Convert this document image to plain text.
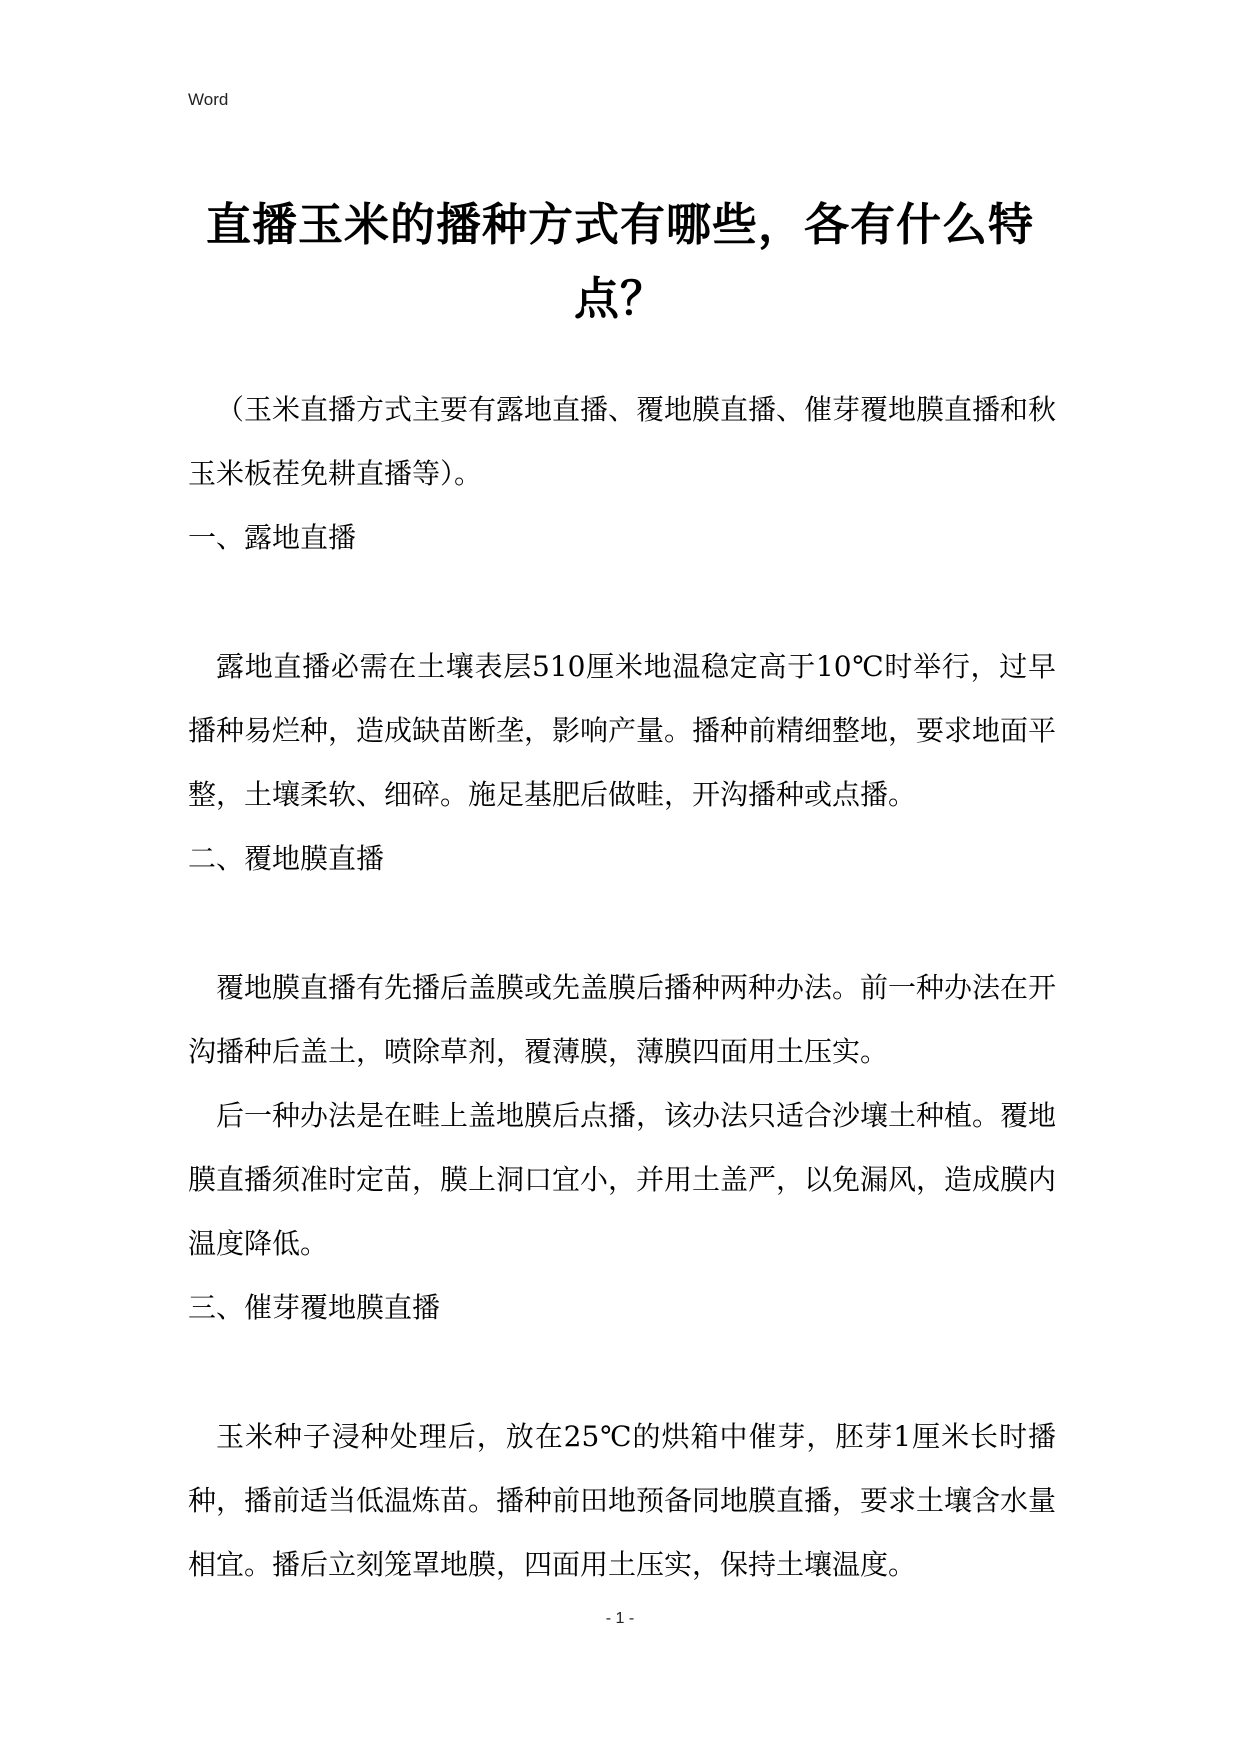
Word
直播玉米的播种方式有哪些，各有什么特
点？

（玉米直播方式主要有露地直播、覆地膜直播、催芽覆地膜直播和秋玉米板茬免耕直播等）。

一、露地直播

露地直播必需在土壤表层510厘米地温稳定高于10℃时举行，过早播种易烂种，造成缺苗断垄，影响产量。播种前精细整地，要求地面平整，土壤柔软、细碎。施足基肥后做畦，开沟播种或点播。

二、覆地膜直播

覆地膜直播有先播后盖膜或先盖膜后播种两种办法。前一种办法在开沟播种后盖土，喷除草剂，覆薄膜，薄膜四面用土压实。

后一种办法是在畦上盖地膜后点播，该办法只适合沙壤土种植。覆地膜直播须准时定苗，膜上洞口宜小，并用土盖严，以免漏风，造成膜内温度降低。

三、催芽覆地膜直播

玉米种子浸种处理后，放在25℃的烘箱中催芽，胚芽1厘米长时播种，播前适当低温炼苗。播种前田地预备同地膜直播，要求土壤含水量相宜。播后立刻笼罩地膜，四面用土压实，保持土壤温度。

- 1 -
